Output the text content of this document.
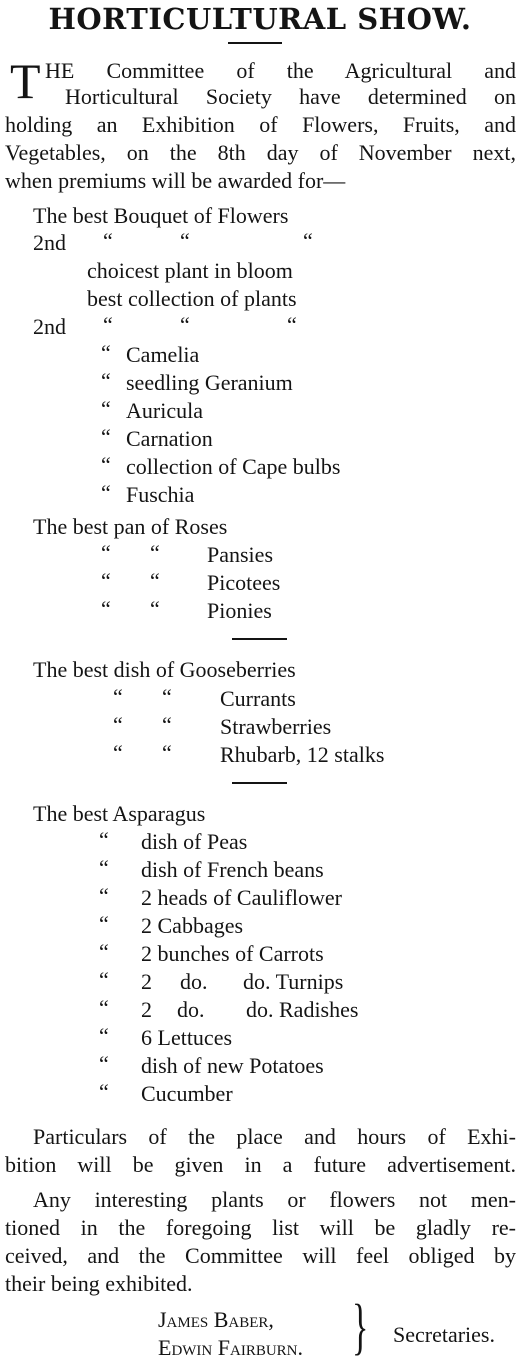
HORTICULTURAL SHOW.
T HE Committee of the Agricultural and
Horticultural Society have determined on
holding an Exhibition of Flowers, Fruits, and
Vegetables, on the 8th day of November next,
when premiums will be awarded for—
The best Bouquet of Flowers
2nd “	“	“
choicest plant in bloom
best collection of plants
2nd “	“	“
“ Camelia
“ seedling Geranium
“ Auricula
“ Carnation
“ collection of Cape bulbs
“ Fuschia
The best pan of Roses
“ “ Pansies
“ “ Picotees
“ “ Pionies
The best dish of Gooseberries
“ “ Currants
“ “ Strawberries
“ “ Rhubarb, 12 stalks
The best Asparagus
“ dish of Peas
“ dish of French beans
“ 2 heads of Cauliflower
“ 2 Cabbages
“ 2 bunches of Carrots
“ 2 do. do. Turnips
“ 2 do. do. Radishes
“ 6 Lettuces
“ dish of new Potatoes
“ Cucumber
Particulars of the place and hours of Exhi-
bition will be given in a future advertisement.
Any interesting plants or flowers not men-
tioned in the foregoing list will be gladly re-
ceived, and the Committee will feel obliged by
their being exhibited.
James Baber,
Edwin Fairburn. } Secretaries.
